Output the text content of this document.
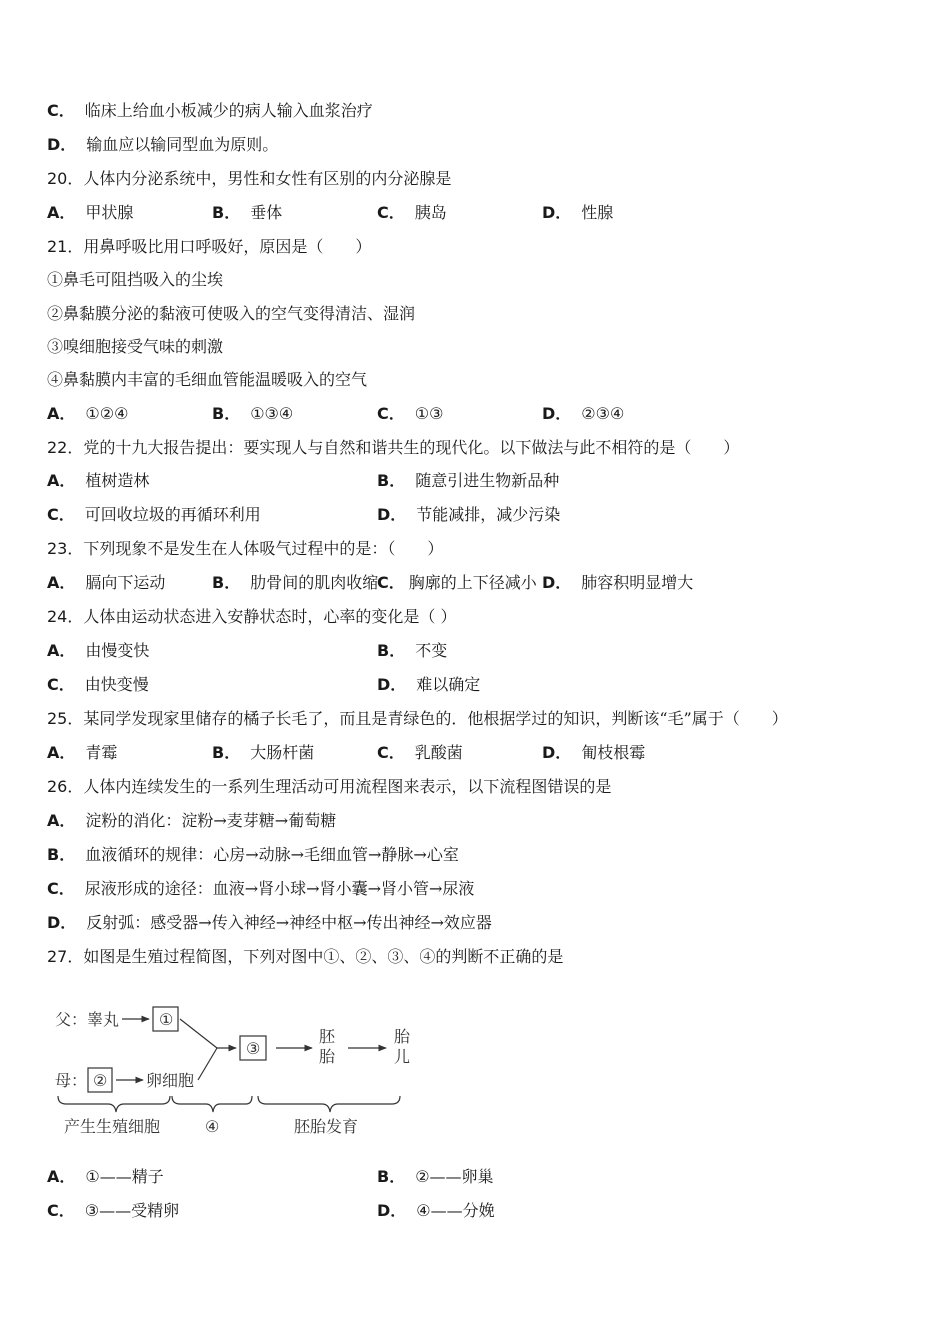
C． 临床上给血小板减少的病人输入血浆治疗
D． 输血应以输同型血为原则。
20．人体内分泌系统中，男性和女性有区别的内分泌腺是
A． 甲状腺	B． 垂体	C． 胰岛	D． 性腺
21．用鼻呼吸比用口呼吸好，原因是（　　）
①鼻毛可阻挡吸入的尘埃
②鼻黏膜分泌的黏液可使吸入的空气变得清洁、湿润
③嗅细胞接受气味的刺激
④鼻黏膜内丰富的毛细血管能温暖吸入的空气
A． ①②④	B． ①③④	C． ①③	D． ②③④
22．党的十九大报告提出：要实现人与自然和谐共生的现代化。以下做法与此不相符的是（　　）
A． 植树造林	B． 随意引进生物新品种
C． 可回收垃圾的再循环利用	D． 节能减排，减少污染
23．下列现象不是发生在人体吸气过程中的是：（　　）
A． 膈向下运动	B． 肋骨间的肌肉收缩
C． 胸廓的上下径减小 D． 肺容积明显增大
24．人体由运动状态进入安静状态时，心率的变化是（ ）
A． 由慢变快	B． 不变
C． 由快变慢	D． 难以确定
25．某同学发现家里储存的橘子长毛了，而且是青绿色的．他根据学过的知识，判断该“毛”属于（　　）
A． 青霉	B． 大肠杆菌	C． 乳酸菌	D． 匍枝根霉
26．人体内连续发生的一系列生理活动可用流程图来表示，以下流程图错误的是
A． 淀粉的消化：淀粉→麦芽糖→葡萄糖
B． 血液循环的规律：心房→动脉→毛细血管→静脉→心室
C． 尿液形成的途径：血液→肾小球→肾小囊→肾小管→尿液
D． 反射弧：感受器→传入神经→神经中枢→传出神经→效应器
27．如图是生殖过程简图，下列对图中①、②、③、④的判断不正确的是
父：睾丸 ①
母： ② 卵细胞
③
胚
胎
胎
儿
产生生殖细胞	④	胚胎发育
A． ①——精子	B． ②——卵巢
C． ③——受精卵	D． ④——分娩
